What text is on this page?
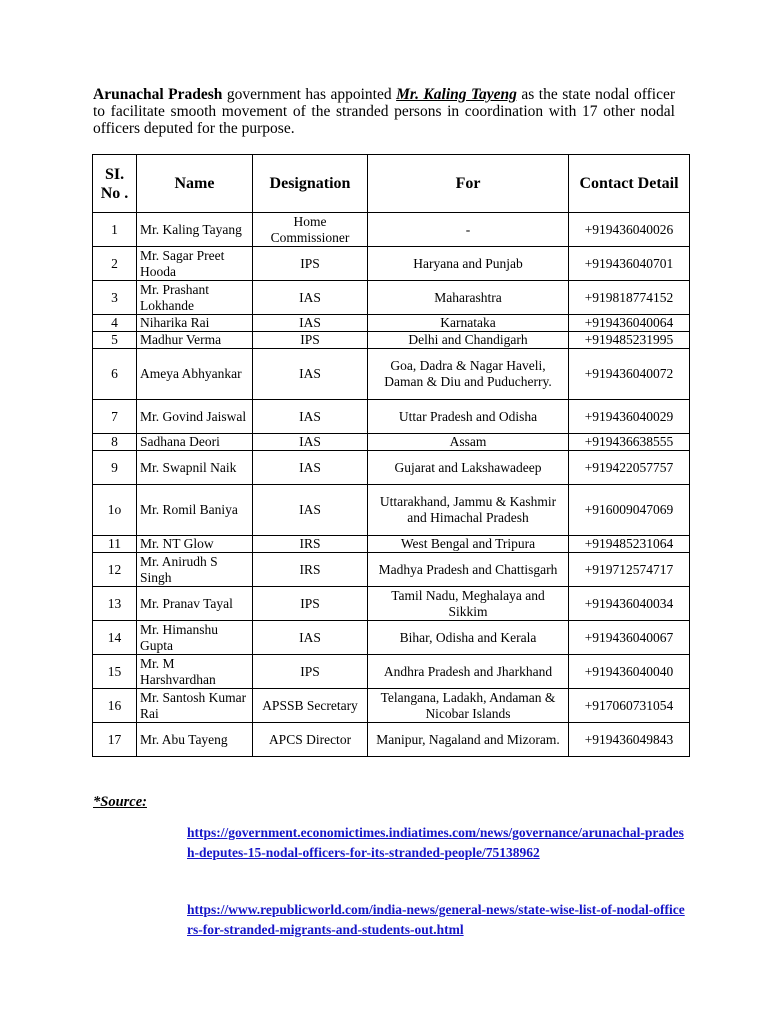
Arunachal Pradesh government has appointed Mr. Kaling Tayeng as the state nodal officer to facilitate smooth movement of the stranded persons in coordination with 17 other nodal officers deputed for the purpose.

SI. No .	Name	Designation	For	Contact Detail
1	Mr. Kaling Tayang	Home Commissioner	-	+919436040026
2	Mr. Sagar Preet Hooda	IPS	Haryana and Punjab	+919436040701
3	Mr. Prashant Lokhande	IAS	Maharashtra	+919818774152
4	Niharika Rai	IAS	Karnataka	+919436040064
5	Madhur Verma	IPS	Delhi and Chandigarh	+919485231995
6	Ameya Abhyankar	IAS	Goa, Dadra & Nagar Haveli, Daman & Diu and Puducherry.	+919436040072
7	Mr. Govind Jaiswal	IAS	Uttar Pradesh and Odisha	+919436040029
8	Sadhana Deori	IAS	Assam	+919436638555
9	Mr. Swapnil Naik	IAS	Gujarat and Lakshawadeep	+919422057757
1o	Mr. Romil Baniya	IAS	Uttarakhand, Jammu & Kashmir and Himachal Pradesh	+916009047069
11	Mr. NT Glow	IRS	West Bengal and Tripura	+919485231064
12	Mr. Anirudh S Singh	IRS	Madhya Pradesh and Chattisgarh	+919712574717
13	Mr. Pranav Tayal	IPS	Tamil Nadu, Meghalaya and Sikkim	+919436040034
14	Mr. Himanshu Gupta	IAS	Bihar, Odisha and Kerala	+919436040067
15	Mr. M Harshvardhan	IPS	Andhra Pradesh and Jharkhand	+919436040040
16	Mr. Santosh Kumar Rai	APSSB Secretary	Telangana, Ladakh, Andaman & Nicobar Islands	+917060731054
17	Mr. Abu Tayeng	APCS Director	Manipur, Nagaland and Mizoram.	+919436049843
*Source:
https://government.economictimes.indiatimes.com/news/governance/arunachal-pradesh-deputes-15-nodal-officers-for-its-stranded-people/75138962
https://www.republicworld.com/india-news/general-news/state-wise-list-of-nodal-officers-for-stranded-migrants-and-students-out.html
